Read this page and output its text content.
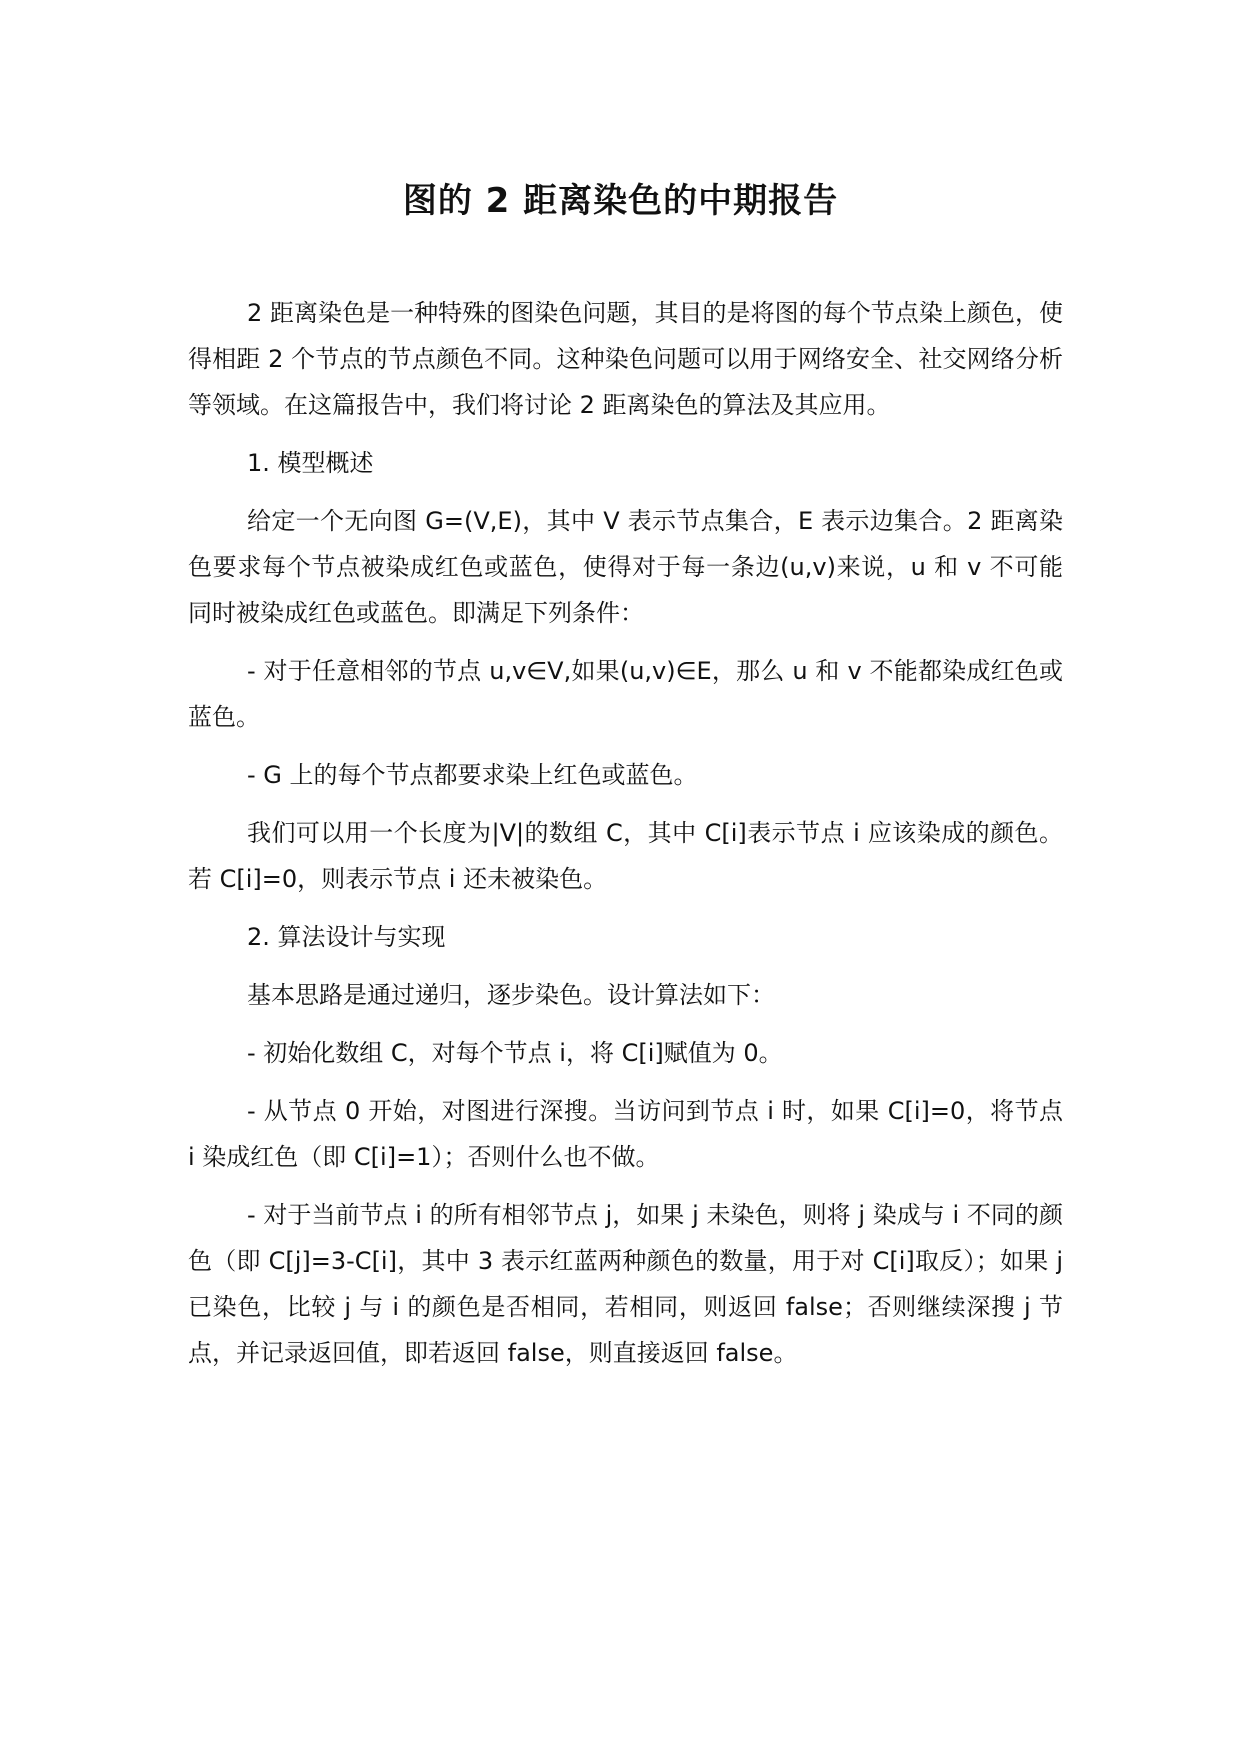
图的 2 距离染色的中期报告

2 距离染色是一种特殊的图染色问题，其目的是将图的每个节点染上颜色，使得相距 2 个节点的节点颜色不同。这种染色问题可以用于网络安全、社交网络分析等领域。在这篇报告中，我们将讨论 2 距离染色的算法及其应用。

1. 模型概述

给定一个无向图 G=(V,E)，其中 V 表示节点集合，E 表示边集合。2 距离染色要求每个节点被染成红色或蓝色，使得对于每一条边(u,v)来说，u 和 v 不可能同时被染成红色或蓝色。即满足下列条件：

- 对于任意相邻的节点 u,v∈V,如果(u,v)∈E，那么 u 和 v 不能都染成红色或蓝色。

- G 上的每个节点都要求染上红色或蓝色。

我们可以用一个长度为|V|的数组 C，其中 C[i]表示节点 i 应该染成的颜色。若 C[i]=0，则表示节点 i 还未被染色。

2. 算法设计与实现

基本思路是通过递归，逐步染色。设计算法如下：

- 初始化数组 C，对每个节点 i，将 C[i]赋值为 0。

- 从节点 0 开始，对图进行深搜。当访问到节点 i 时，如果 C[i]=0，将节点 i 染成红色（即 C[i]=1）；否则什么也不做。

- 对于当前节点 i 的所有相邻节点 j，如果 j 未染色，则将 j 染成与 i 不同的颜色（即 C[j]=3-C[i]，其中 3 表示红蓝两种颜色的数量，用于对 C[i]取反）；如果 j 已染色，比较 j 与 i 的颜色是否相同，若相同，则返回 false；否则继续深搜 j 节点，并记录返回值，即若返回 false，则直接返回 false。
